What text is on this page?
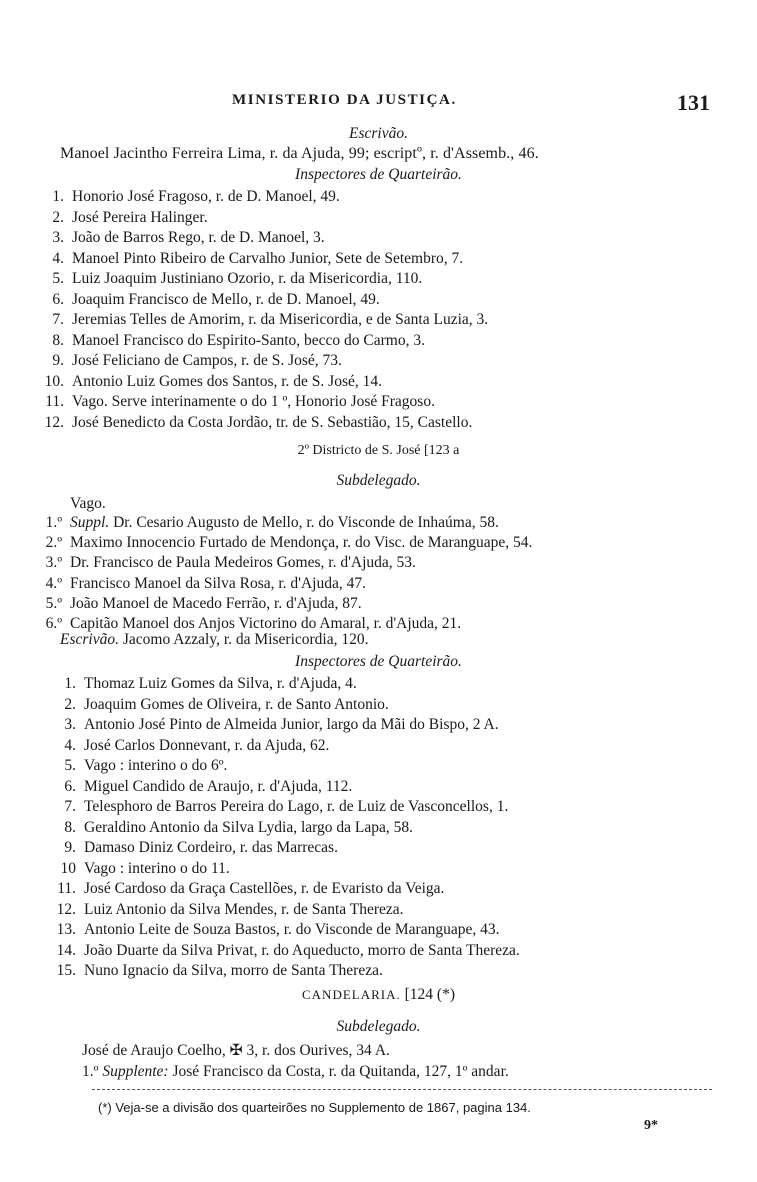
MINISTERIO DA JUSTIÇA.	131
Escrivão.
Manoel Jacintho Ferreira Lima, r. da Ajuda, 99; escriptº, r. d'Assemb., 46.
Inspectores de Quarteirão.
1. Honorio José Fragoso, r. de D. Manoel, 49.
2. José Pereira Halinger.
3. João de Barros Rego, r. de D. Manoel, 3.
4. Manoel Pinto Ribeiro de Carvalho Junior, Sete de Setembro, 7.
5. Luiz Joaquim Justiniano Ozorio, r. da Misericordia, 110.
6. Joaquim Francisco de Mello, r. de D. Manoel, 49.
7. Jeremias Telles de Amorim, r. da Misericordia, e de Santa Luzia, 3.
8. Manoel Francisco do Espirito-Santo, becco do Carmo, 3.
9. José Feliciano de Campos, r. de S. José, 73.
10. Antonio Luiz Gomes dos Santos, r. de S. José, 14.
11. Vago. Serve interinamente o do 1 º, Honorio José Fragoso.
12. José Benedicto da Costa Jordão, tr. de S. Sebastião, 15, Castello.
2º Districto de S. José [123 a
Subdelegado.
Vago.
1.º Suppl. Dr. Cesario Augusto de Mello, r. do Visconde de Inhaúma, 58.
2.º Maximo Innocencio Furtado de Mendonça, r. do Visc. de Maranguape, 54.
3.º Dr. Francisco de Paula Medeiros Gomes, r. d'Ajuda, 53.
4.º Francisco Manoel da Silva Rosa, r. d'Ajuda, 47.
5.º João Manoel de Macedo Ferrão, r. d'Ajuda, 87.
6.º Capitão Manoel dos Anjos Victorino do Amaral, r. d'Ajuda, 21.
Escrivão. Jacomo Azzaly, r. da Misericordia, 120.
Inspectores de Quarteirão.
1. Thomaz Luiz Gomes da Silva, r. d'Ajuda, 4.
2. Joaquim Gomes de Oliveira, r. de Santo Antonio.
3. Antonio José Pinto de Almeida Junior, largo da Mãi do Bispo, 2 A.
4. José Carlos Donnevant, r. da Ajuda, 62.
5. Vago : interino o do 6º.
6. Miguel Candido de Araujo, r. d'Ajuda, 112.
7. Telesphoro de Barros Pereira do Lago, r. de Luiz de Vasconcellos, 1.
8. Geraldino Antonio da Silva Lydia, largo da Lapa, 58.
9. Damaso Diniz Cordeiro, r. das Marrecas.
10 Vago : interino o do 11.
11. José Cardoso da Graça Castellões, r. de Evaristo da Veiga.
12. Luiz Antonio da Silva Mendes, r. de Santa Thereza.
13. Antonio Leite de Souza Bastos, r. do Visconde de Maranguape, 43.
14. João Duarte da Silva Privat, r. do Aqueducto, morro de Santa Thereza.
15. Nuno Ignacio da Silva, morro de Santa Thereza.
CANDELARIA. [124 (*)
Subdelegado.
José de Araujo Coelho, ✠ 3, r. dos Ourives, 34 A.
1.º Supplente: José Francisco da Costa, r. da Quitanda, 127, 1º andar.
(*) Veja-se a divisão dos quarteirões no Supplemento de 1867, pagina 134.
9*
